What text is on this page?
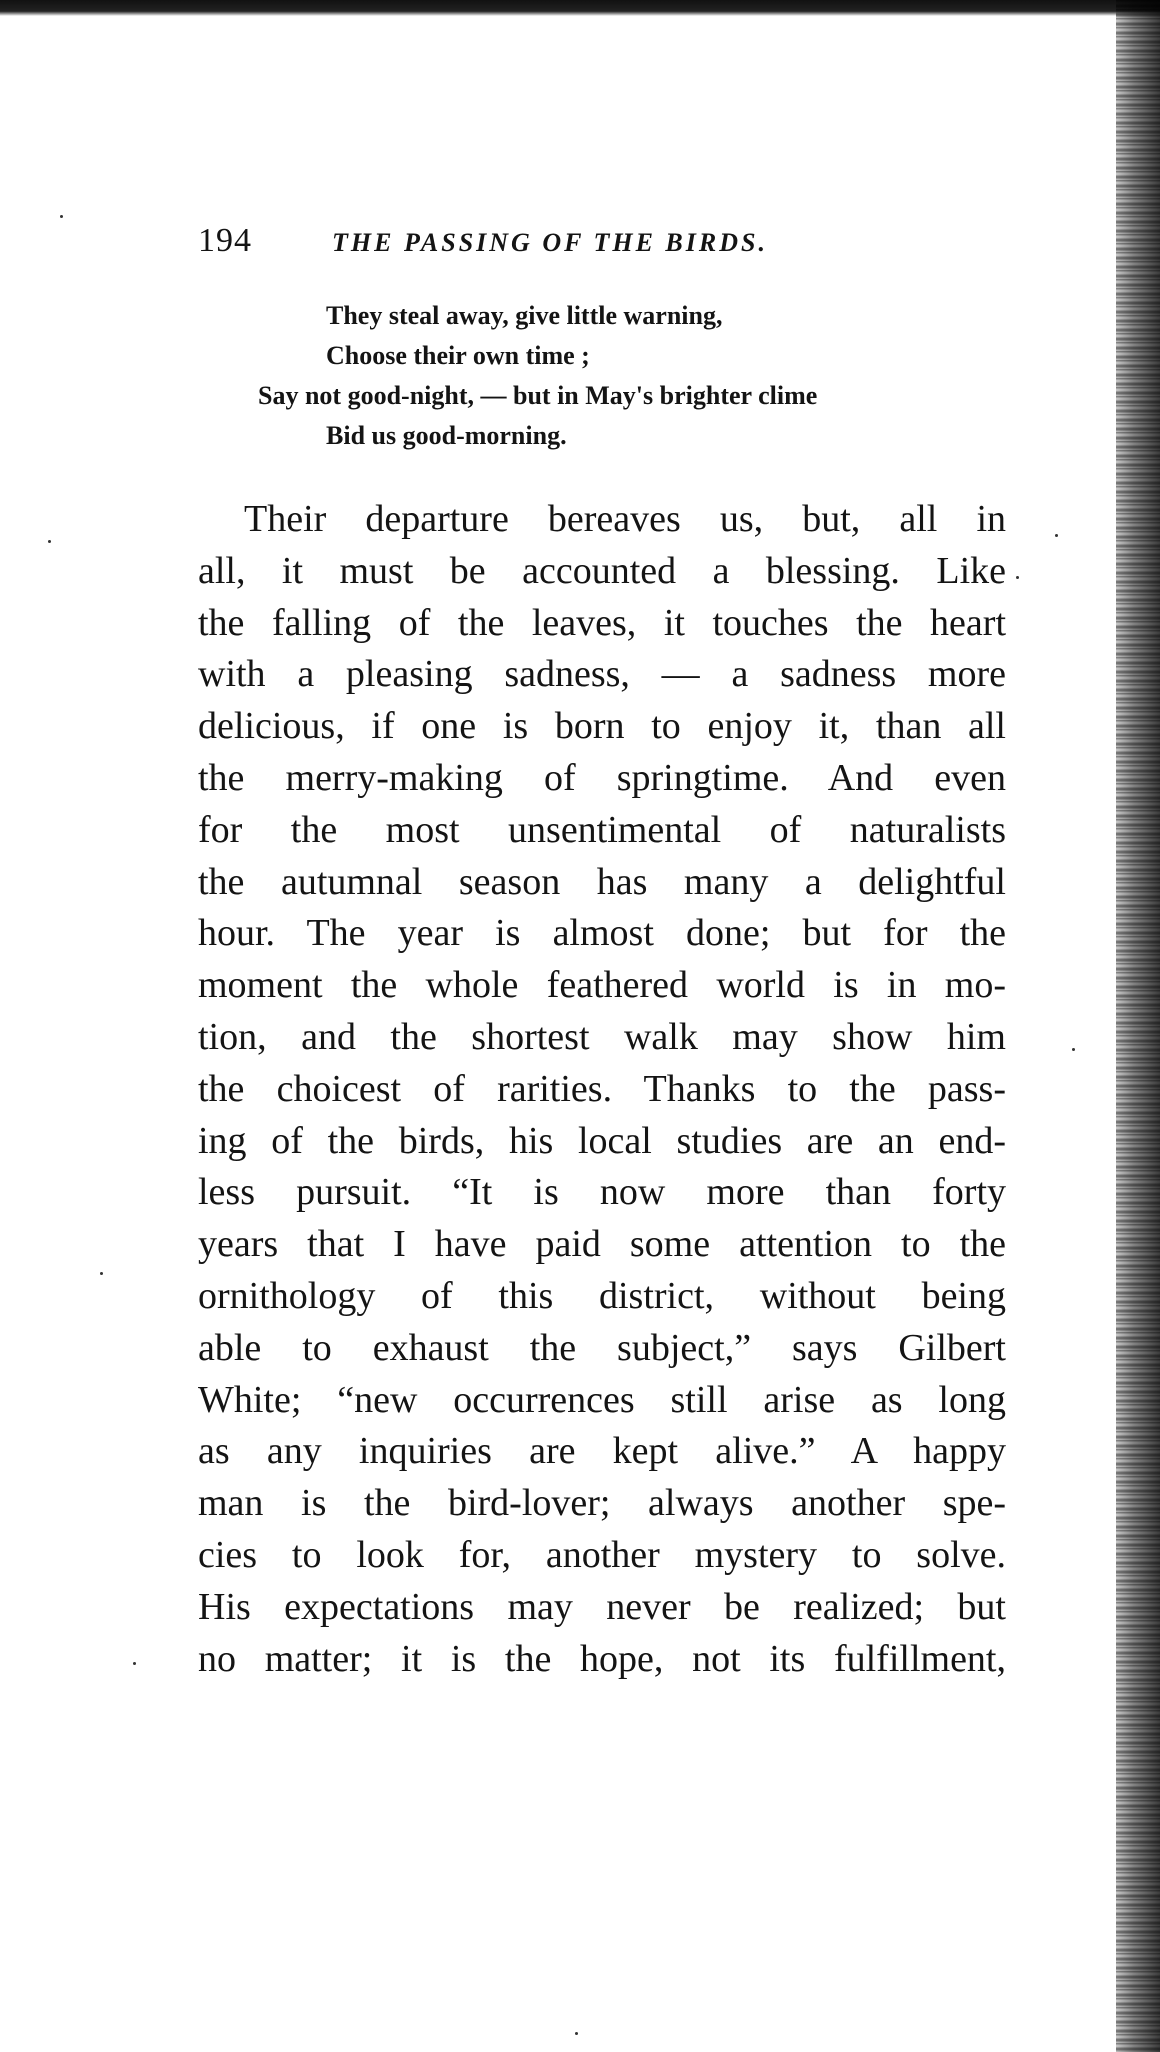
194	THE PASSING OF THE BIRDS.
They steal away, give little warning,
Choose their own time ;
Say not good-night, — but in May's brighter clime
Bid us good-morning.
Their departure bereaves us, but, all in
all, it must be accounted a blessing. Like
the falling of the leaves, it touches the heart
with a pleasing sadness, — a sadness more
delicious, if one is born to enjoy it, than all
the merry-making of springtime. And even
for the most unsentimental of naturalists
the autumnal season has many a delightful
hour. The year is almost done; but for the
moment the whole feathered world is in mo-
tion, and the shortest walk may show him
the choicest of rarities. Thanks to the pass-
ing of the birds, his local studies are an end-
less pursuit. “It is now more than forty
years that I have paid some attention to the
ornithology of this district, without being
able to exhaust the subject,” says Gilbert
White; “new occurrences still arise as long
as any inquiries are kept alive.” A happy
man is the bird-lover; always another spe-
cies to look for, another mystery to solve.
His expectations may never be realized; but
no matter; it is the hope, not its fulfillment,
